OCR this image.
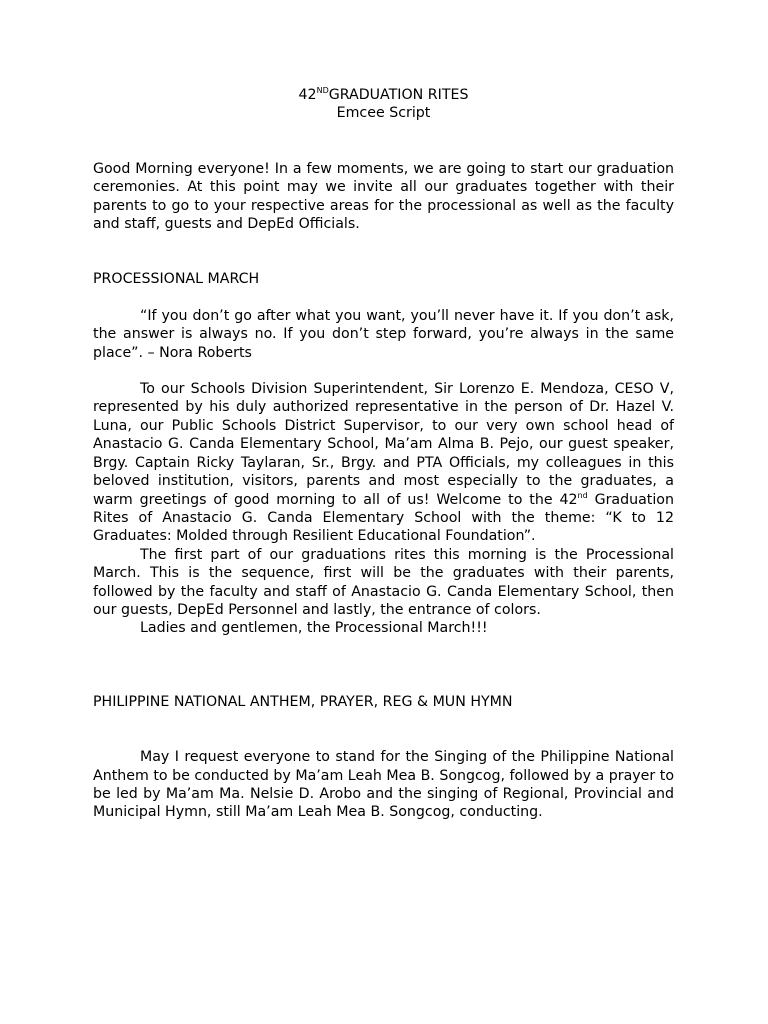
42NDGRADUATION RITES
Emcee Script

Good Morning everyone! In a few moments, we are going to start our graduation ceremonies. At this point may we invite all our graduates together with their parents to go to your respective areas for the processional as well as the faculty and staff, guests and DepEd Officials.

PROCESSIONAL MARCH

“If you don’t go after what you want, you’ll never have it. If you don’t ask, the answer is always no. If you don’t step forward, you’re always in the same place”. – Nora Roberts

To our Schools Division Superintendent, Sir Lorenzo E. Mendoza, CESO V, represented by his duly authorized representative in the person of Dr. Hazel V. Luna, our Public Schools District Supervisor, to our very own school head of Anastacio G. Canda Elementary School, Ma’am Alma B. Pejo, our guest speaker, Brgy. Captain Ricky Taylaran, Sr., Brgy. and PTA Officials, my colleagues in this beloved institution, visitors, parents and most especially to the graduates, a warm greetings of good morning to all of us! Welcome to the 42nd Graduation Rites of Anastacio G. Canda Elementary School with the theme: “K to 12 Graduates: Molded through Resilient Educational Foundation”.

The first part of our graduations rites this morning is the Processional March. This is the sequence, first will be the graduates with their parents, followed by the faculty and staff of Anastacio G. Canda Elementary School, then our guests, DepEd Personnel and lastly, the entrance of colors.

Ladies and gentlemen, the Processional March!!!

PHILIPPINE NATIONAL ANTHEM, PRAYER, REG & MUN HYMN

May I request everyone to stand for the Singing of the Philippine National Anthem to be conducted by Ma’am Leah Mea B. Songcog, followed by a prayer to be led by Ma’am Ma. Nelsie D. Arobo and the singing of Regional, Provincial and Municipal Hymn, still Ma’am Leah Mea B. Songcog, conducting.
